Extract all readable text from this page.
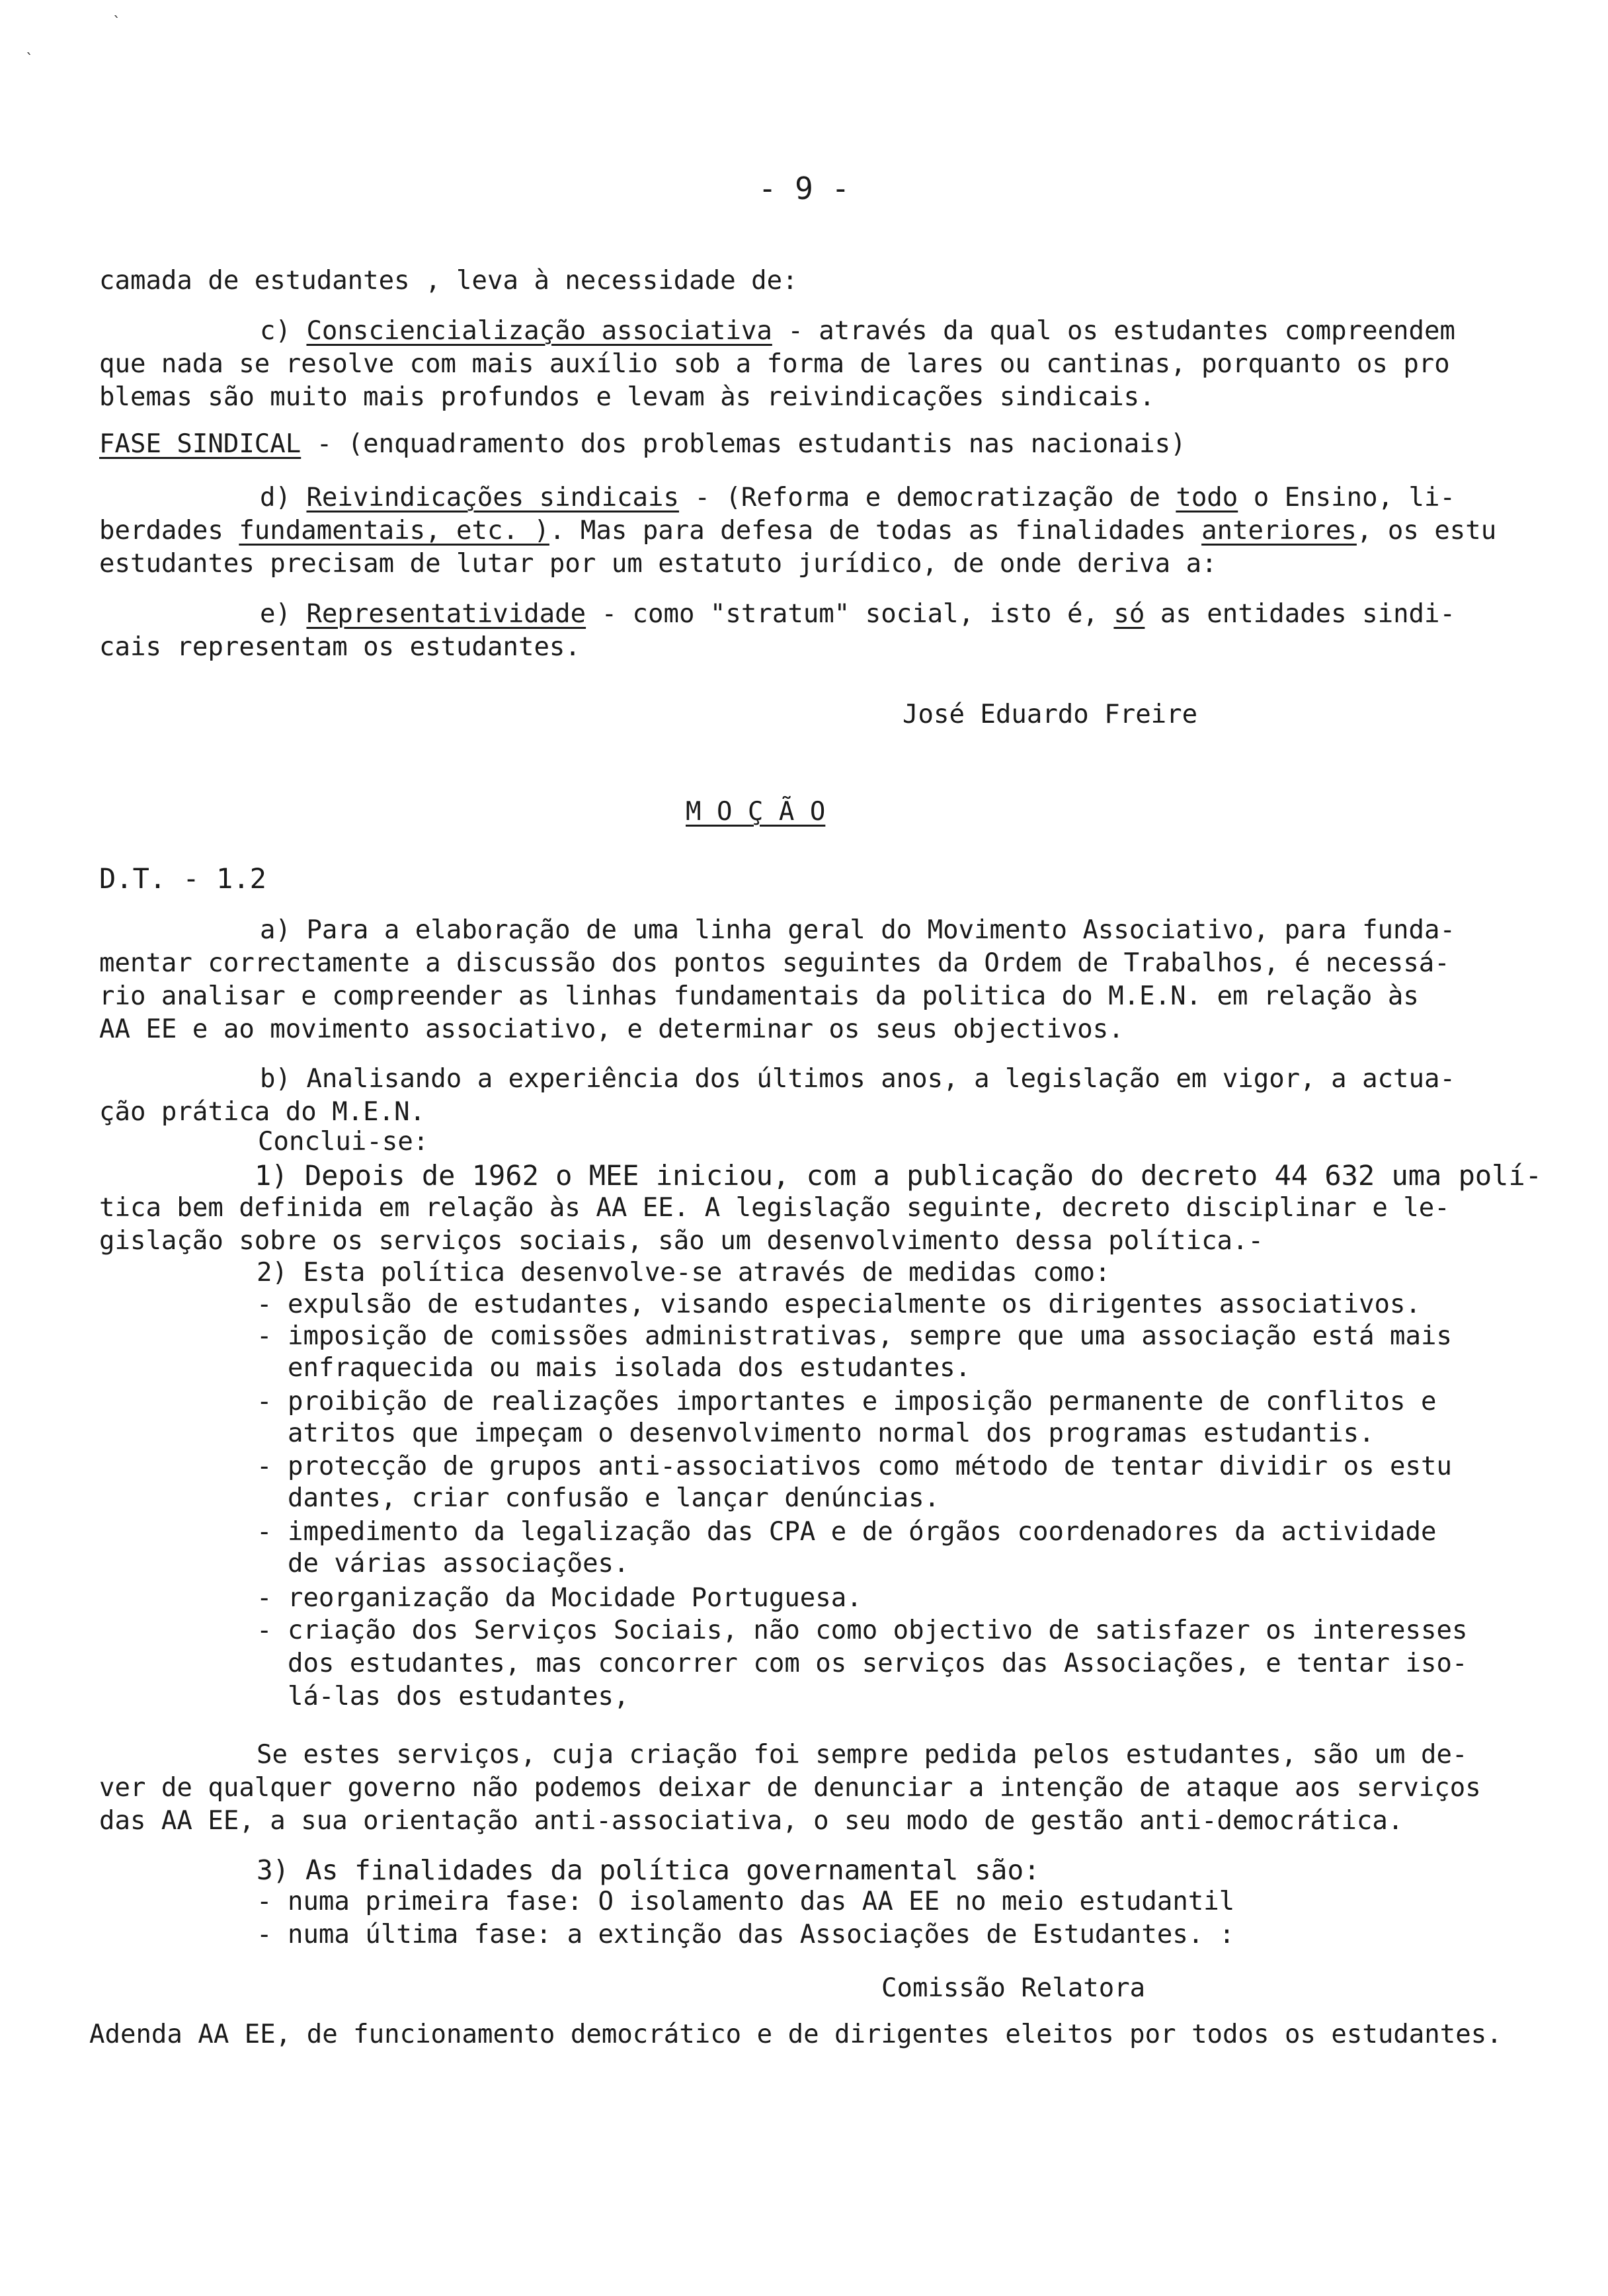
`
`
- 9 -
camada de estudantes , leva à necessidade de:
c) Consciencialização associativa - através da qual os estudantes compreendem
que nada se resolve com mais auxílio sob a forma de lares ou cantinas, porquanto os pro
blemas são muito mais profundos e levam às reivindicações sindicais.
FASE SINDICAL - (enquadramento dos problemas estudantis nas nacionais)
d) Reivindicações sindicais - (Reforma e democratização de todo o Ensino, li-
berdades fundamentais, etc. ). Mas para defesa de todas as finalidades anteriores, os estu
estudantes precisam de lutar por um estatuto jurídico, de onde deriva a:
e) Representatividade - como "stratum" social, isto é, só as entidades sindi-
cais representam os estudantes.
José Eduardo Freire
M O Ç Ã O
D.T. - 1.2
a) Para a elaboração de uma linha geral do Movimento Associativo, para funda-
mentar correctamente a discussão dos pontos seguintes da Ordem de Trabalhos, é necessá-
rio analisar e compreender as linhas fundamentais da politica do M.E.N. em relação às
AA EE e ao movimento associativo, e determinar os seus objectivos.
b) Analisando a experiência dos últimos anos, a legislação em vigor, a actua-
ção prática do M.E.N.
Conclui-se:
1) Depois de 1962 o MEE iniciou, com a publicação do decreto 44 632 uma polí-
tica bem definida em relação às AA EE. A legislação seguinte, decreto disciplinar e le-
gislação sobre os serviços sociais, são um desenvolvimento dessa política.-
2) Esta política desenvolve-se através de medidas como:
- expulsão de estudantes, visando especialmente os dirigentes associativos.
- imposição de comissões administrativas, sempre que uma associação está mais
enfraquecida ou mais isolada dos estudantes.
- proibição de realizações importantes e imposição permanente de conflitos e
atritos que impeçam o desenvolvimento normal dos programas estudantis.
- protecção de grupos anti-associativos como método de tentar dividir os estu
dantes, criar confusão e lançar denúncias.
- impedimento da legalização das CPA e de órgãos coordenadores da actividade
de várias associações.
- reorganização da Mocidade Portuguesa.
- criação dos Serviços Sociais, não como objectivo de satisfazer os interesses
dos estudantes, mas concorrer com os serviços das Associações, e tentar iso-
lá-las dos estudantes,
Se estes serviços, cuja criação foi sempre pedida pelos estudantes, são um de-
ver de qualquer governo não podemos deixar de denunciar a intenção de ataque aos serviços
das AA EE, a sua orientação anti-associativa, o seu modo de gestão anti-democrática.
3) As finalidades da política governamental são:
- numa primeira fase: O isolamento das AA EE no meio estudantil
- numa última fase: a extinção das Associações de Estudantes. :
Comissão Relatora
Adenda AA EE, de funcionamento democrático e de dirigentes eleitos por todos os estudantes.
